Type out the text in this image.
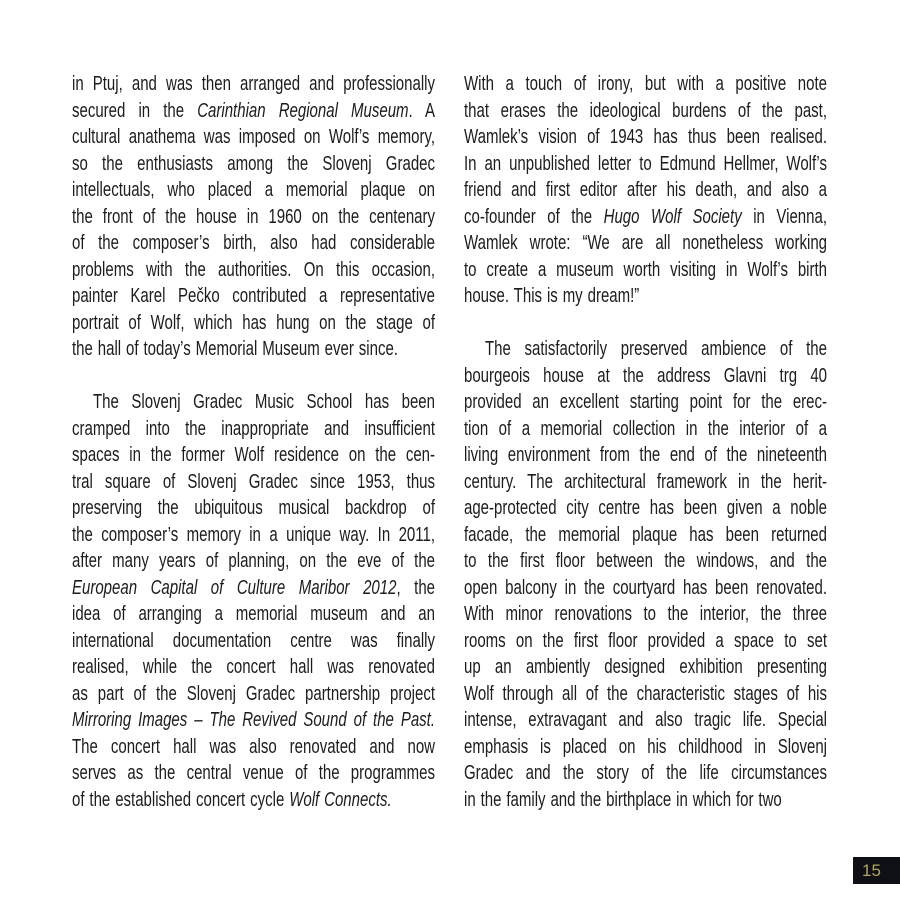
in Ptuj, and was then arranged and professionally
secured in the Carinthian Regional Museum. A
cultural anathema was imposed on Wolf’s memory,
so the enthusiasts among the Slovenj Gradec
intellectuals, who placed a memorial plaque on
the front of the house in 1960 on the centenary
of the composer’s birth, also had considerable
problems with the authorities. On this occasion,
painter Karel Pečko contributed a representative
portrait of Wolf, which has hung on the stage of
the hall of today’s Memorial Museum ever since.
The Slovenj Gradec Music School has been
cramped into the inappropriate and insufficient
spaces in the former Wolf residence on the cen-
tral square of Slovenj Gradec since 1953, thus
preserving the ubiquitous musical backdrop of
the composer’s memory in a unique way. In 2011,
after many years of planning, on the eve of the
European Capital of Culture Maribor 2012, the
idea of arranging a memorial museum and an
international documentation centre was finally
realised, while the concert hall was renovated
as part of the Slovenj Gradec partnership project
Mirroring Images – The Revived Sound of the Past.
The concert hall was also renovated and now
serves as the central venue of the programmes
of the established concert cycle Wolf Connects.
With a touch of irony, but with a positive note
that erases the ideological burdens of the past,
Wamlek’s vision of 1943 has thus been realised.
In an unpublished letter to Edmund Hellmer, Wolf’s
friend and first editor after his death, and also a
co-founder of the Hugo Wolf Society in Vienna,
Wamlek wrote: “We are all nonetheless working
to create a museum worth visiting in Wolf’s birth
house. This is my dream!”
The satisfactorily preserved ambience of the
bourgeois house at the address Glavni trg 40
provided an excellent starting point for the erec-
tion of a memorial collection in the interior of a
living environment from the end of the nineteenth
century. The architectural framework in the herit-
age-protected city centre has been given a noble
facade, the memorial plaque has been returned
to the first floor between the windows, and the
open balcony in the courtyard has been renovated.
With minor renovations to the interior, the three
rooms on the first floor provided a space to set
up an ambiently designed exhibition presenting
Wolf through all of the characteristic stages of his
intense, extravagant and also tragic life. Special
emphasis is placed on his childhood in Slovenj
Gradec and the story of the life circumstances
in the family and the birthplace in which for two
15
